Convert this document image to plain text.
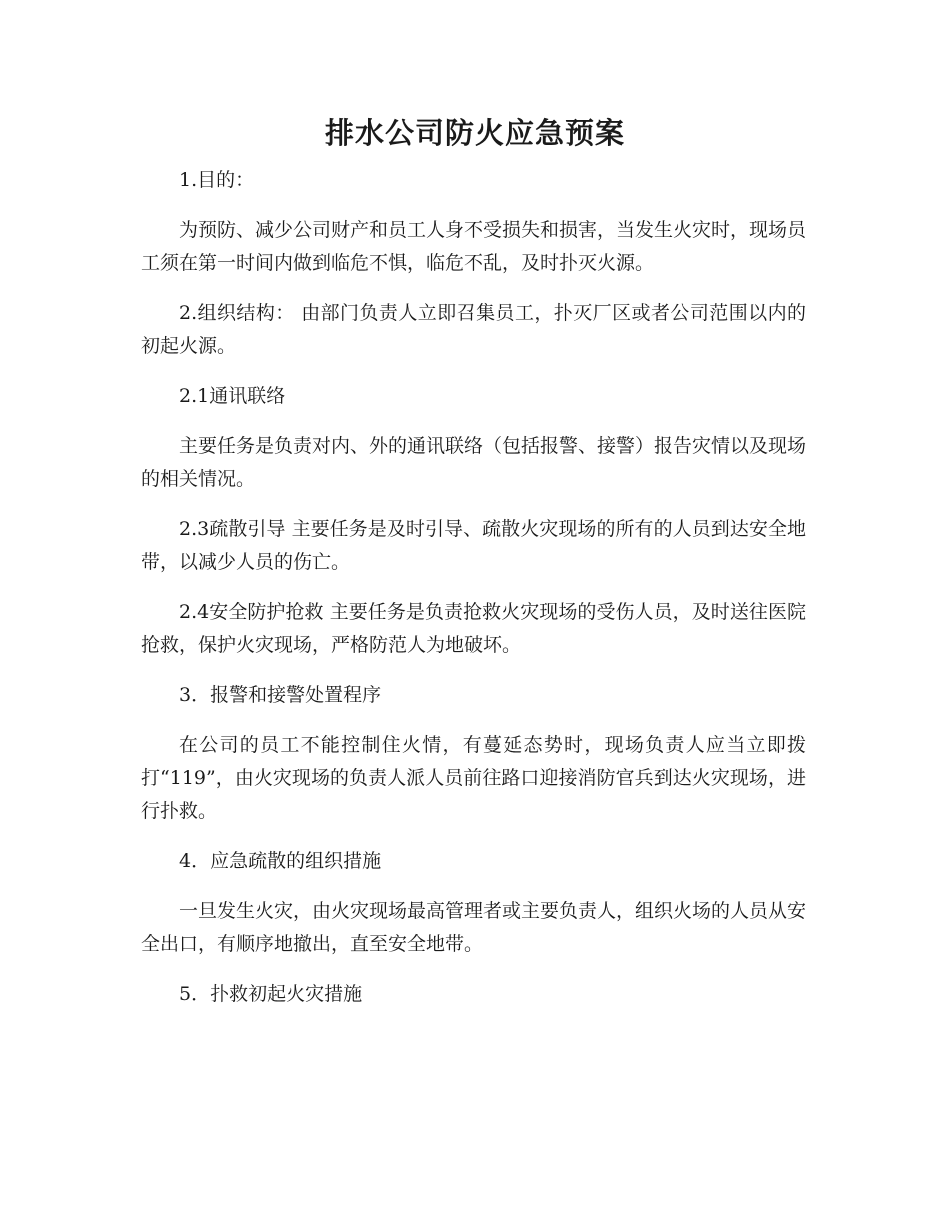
排水公司防火应急预案

1.目的：

为预防、减少公司财产和员工人身不受损失和损害，当发生火灾时，现场员工须在第一时间内做到临危不惧，临危不乱，及时扑灭火源。

2.组织结构： 由部门负责人立即召集员工，扑灭厂区或者公司范围以内的初起火源。

2.1通讯联络

主要任务是负责对内、外的通讯联络（包括报警、接警）报告灾情以及现场的相关情况。

2.3疏散引导 主要任务是及时引导、疏散火灾现场的所有的人员到达安全地带，以减少人员的伤亡。

2.4安全防护抢救 主要任务是负责抢救火灾现场的受伤人员，及时送往医院抢救，保护火灾现场，严格防范人为地破坏。

3．报警和接警处置程序

在公司的员工不能控制住火情，有蔓延态势时，现场负责人应当立即拨打“119”，由火灾现场的负责人派人员前往路口迎接消防官兵到达火灾现场，进行扑救。

4．应急疏散的组织措施

一旦发生火灾，由火灾现场最高管理者或主要负责人，组织火场的人员从安全出口，有顺序地撤出，直至安全地带。

5．扑救初起火灾措施
